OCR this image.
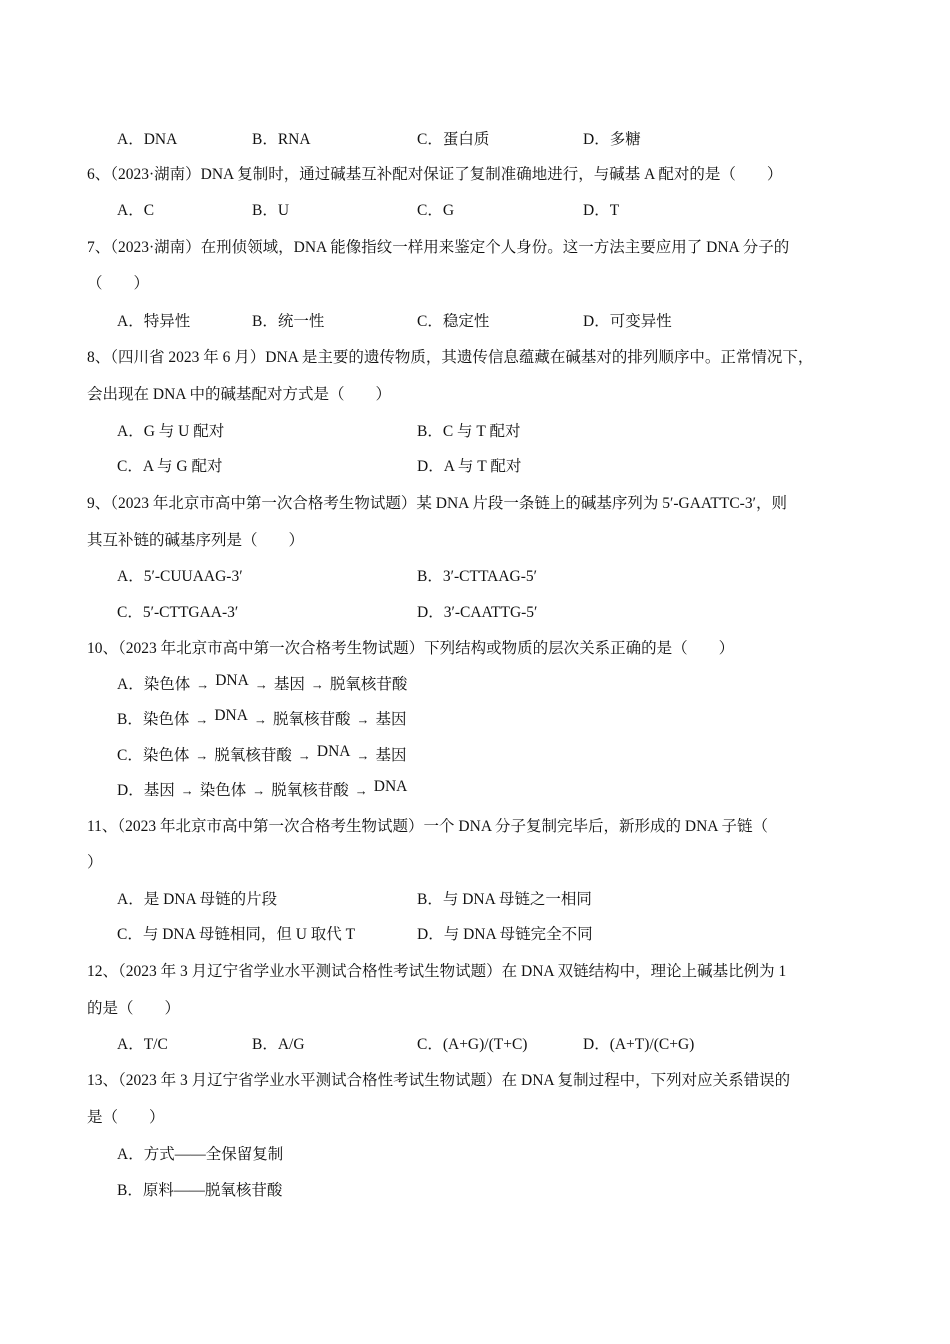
A．DNA	B．RNA	C．蛋白质	D．多糖
6、（2023·湖南）DNA 复制时，通过碱基互补配对保证了复制准确地进行，与碱基 A 配对的是（　　）
A．C	B．U	C．G	D．T
7、（2023·湖南）在刑侦领域，DNA 能像指纹一样用来鉴定个人身份。这一方法主要应用了 DNA 分子的
（　　）
A．特异性	B．统一性	C．稳定性	D．可变异性
8、（四川省 2023 年 6 月）DNA 是主要的遗传物质，其遗传信息蕴藏在碱基对的排列顺序中。正常情况下，
会出现在 DNA 中的碱基配对方式是（　　）
A．G 与 U 配对	B．C 与 T 配对
C．A 与 G 配对	D．A 与 T 配对
9、（2023 年北京市高中第一次合格考生物试题）某 DNA 片段一条链上的碱基序列为 5′-GAATTC-3′，则
其互补链的碱基序列是（　　）
A．5′-CUUAAG-3′	B．3′-CTTAAG-5′
C．5′-CTTGAA-3′	D．3′-CAATTG-5′
10、（2023 年北京市高中第一次合格考生物试题）下列结构或物质的层次关系正确的是（　　）
A．染色体 → DNA → 基因 → 脱氧核苷酸
B．染色体 → DNA → 脱氧核苷酸 → 基因
C．染色体 → 脱氧核苷酸 → DNA → 基因
D．基因 → 染色体 → 脱氧核苷酸 → DNA
11、（2023 年北京市高中第一次合格考生物试题）一个 DNA 分子复制完毕后，新形成的 DNA 子链（
）
A．是 DNA 母链的片段	B．与 DNA 母链之一相同
C．与 DNA 母链相同，但 U 取代 T	D．与 DNA 母链完全不同
12、（2023 年 3 月辽宁省学业水平测试合格性考试生物试题）在 DNA 双链结构中，理论上碱基比例为 1
的是（　　）
A．T/C	B．A/G	C．(A+G)/(T+C)	D．(A+T)/(C+G)
13、（2023 年 3 月辽宁省学业水平测试合格性考试生物试题）在 DNA 复制过程中，下列对应关系错误的
是（　　）
A．方式——全保留复制
B．原料——脱氧核苷酸
